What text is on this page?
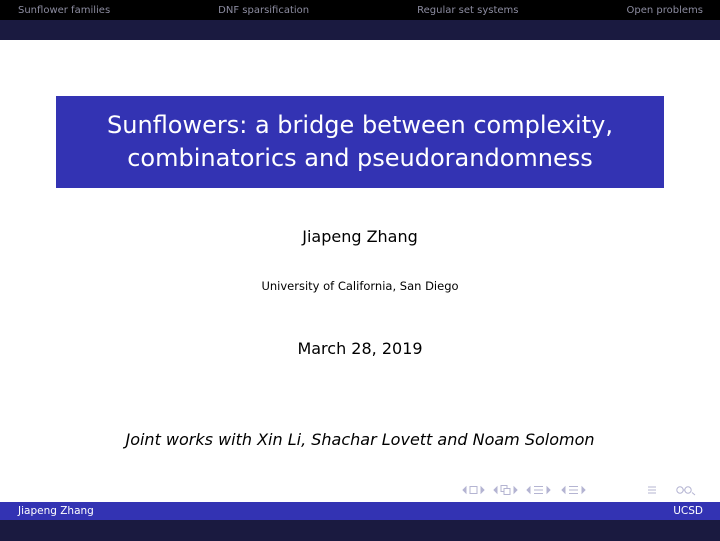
Sunflower families	DNF sparsification	Regular set systems	Open problems
Sunflowers: a bridge between complexity,
combinatorics and pseudorandomness
Jiapeng Zhang
University of California, San Diego
March 28, 2019
Joint works with Xin Li, Shachar Lovett and Noam Solomon
Jiapeng Zhang	UCSD
